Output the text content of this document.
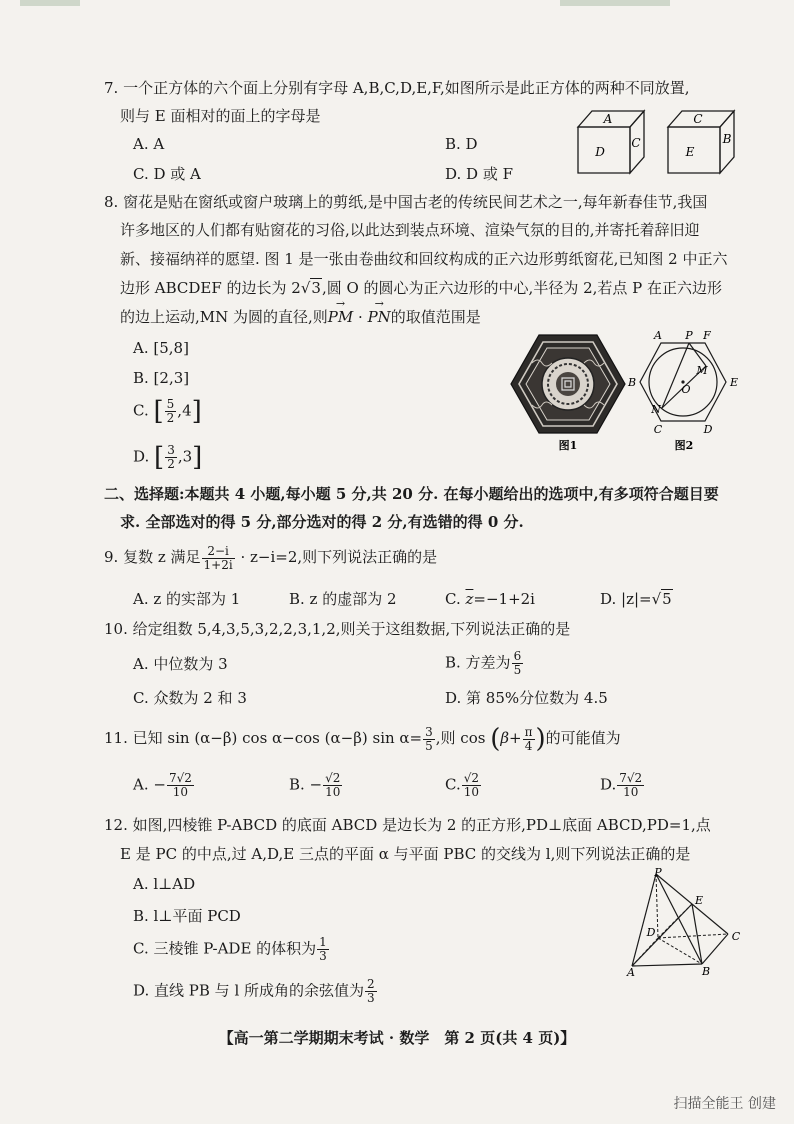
7. 一个正方体的六个面上分别有字母 A,B,C,D,E,F,如图所示是此正方体的两种不同放置,
则与 E 面相对的面上的字母是
A. A	B. D
C. D 或 A	D. D 或 F
A
D
C
C
E
B
8. 窗花是贴在窗纸或窗户玻璃上的剪纸,是中国古老的传统民间艺术之一,每年新春佳节,我国
许多地区的人们都有贴窗花的习俗,以此达到装点环境、渲染气氛的目的,并寄托着辞旧迎
新、接福纳祥的愿望. 图 1 是一张由卷曲纹和回纹构成的正六边形剪纸窗花,已知图 2 中正六
边形 ABCDEF 的边长为 2√3,圆 O 的圆心为正六边形的中心,半径为 2,若点 P 在正六边形
的边上运动,MN 为圆的直径,则→ PM · → PN的取值范围是
A. [5,8]
B. [2,3]
C. [ $\frac{5}{2} ,4$]
D. [ $\frac{3}{2} ,3$]	图1
A P F
B
M
O
E
N
C	D
图2
二、选择题:本题共 4 小题,每小题 5 分,共 20 分. 在每小题给出的选项中,有多项符合题目要
求. 全部选对的得 5 分,部分选对的得 2 分,有选错的得 0 分.
9. 复数 z 满足 $\frac{2-i}{1+2i} \cdot z-i=2$,则下列说法正确的是
A. z 的实部为 1	B. z 的虚部为 2	C. $\overline{z}=-1+2i$	D. |z|=√5
10. 给定组数 5,4,3,5,3,2,2,3,1,2,则关于这组数据,下列说法正确的是
A. 中位数为 3	B. 方差为 $\frac{6}{5}$
C. 众数为 2 和 3	D. 第 85%分位数为 4.5
11. 已知 sin (α−β) cos α−cos (α−β) $\sin \alpha= \frac{3}{5}$ ,则 $\cos (\beta+ \frac{\pi}{4}$ )的可能值为
A. − $\frac{7√2}{10}$	B. − $\frac{√2}{10}$	C. $\frac{√2}{10}$	D. $\frac{7√2}{10}$
12. 如图,四棱锥 P-ABCD 的底面 ABCD 是边长为 2 的正方形,PD⊥底面 ABCD,PD=1,点
E 是 PC 的中点,过 A,D,E 三点的平面 α 与平面 PBC 的交线为 l,则下列说法正确的是
A. l⊥AD
B. l⊥平面 PCD
C. 三棱锥 P-ADE 的体积为 $\frac{1}{3}$
D. 直线 PB 与 l 所成角的余弦值为 $\frac{2}{3}$
P
E
D	C
A	B
【高一第二学期期末考试 · 数学　第 2 页(共 4 页)】
扫描全能王 创建
